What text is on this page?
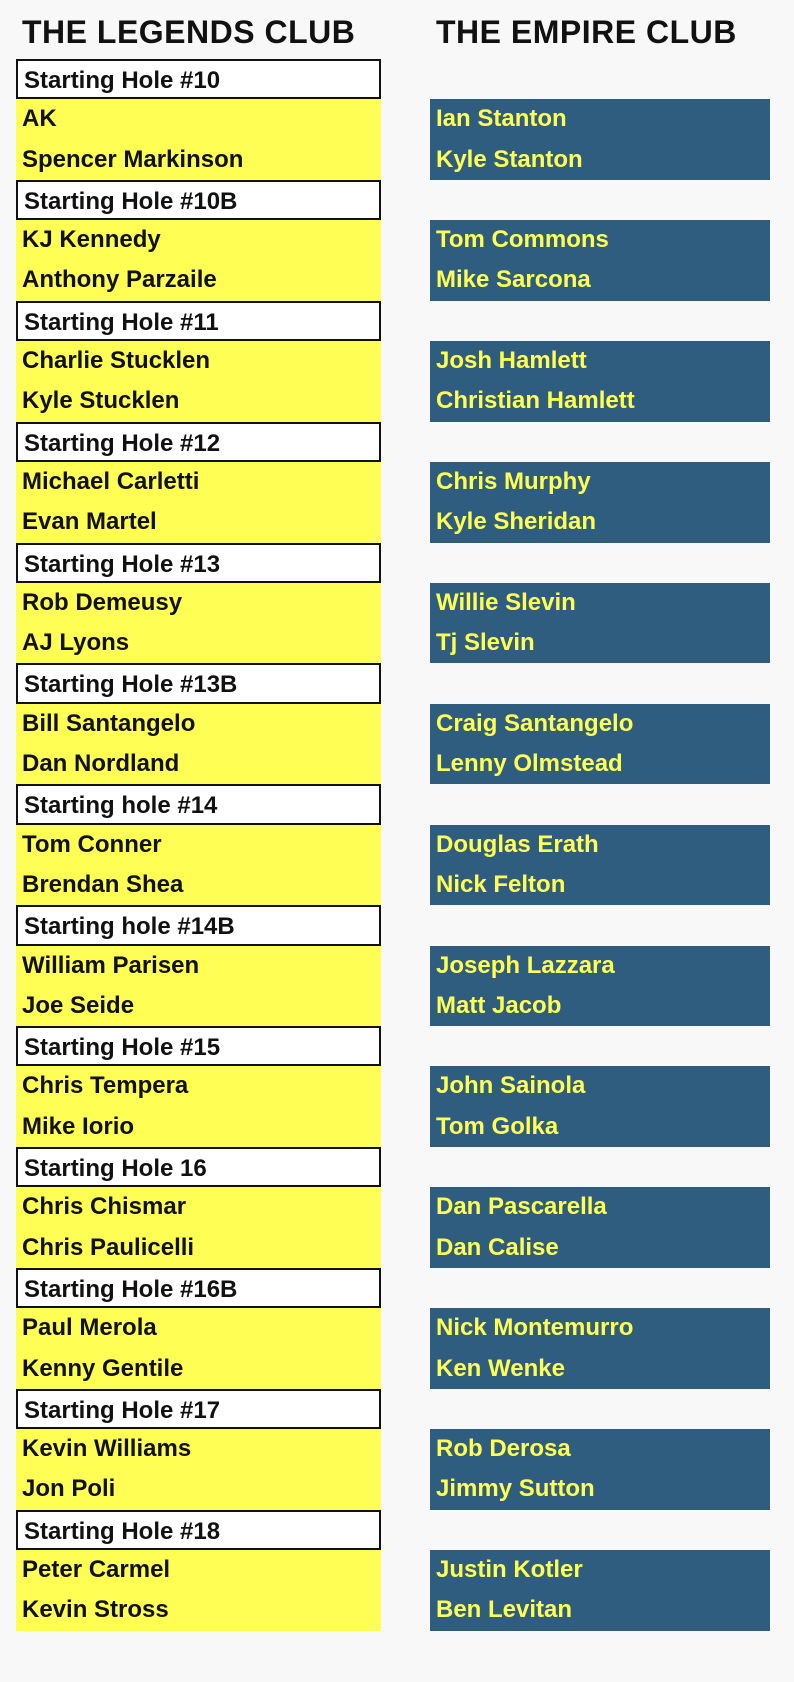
THE LEGENDS CLUB	THE EMPIRE CLUB
Starting Hole #10
AK
Spencer Markinson
Starting Hole #10B
KJ Kennedy
Anthony Parzaile
Starting Hole #11
Charlie Stucklen
Kyle Stucklen
Starting Hole #12
Michael Carletti
Evan Martel
Starting Hole #13
Rob Demeusy
AJ Lyons
Starting Hole #13B
Bill Santangelo
Dan Nordland
Starting hole #14
Tom Conner
Brendan Shea
Starting hole #14B
William Parisen
Joe Seide
Starting Hole #15
Chris Tempera
Mike Iorio
Starting Hole 16
Chris Chismar
Chris Paulicelli
Starting Hole #16B
Paul Merola
Kenny Gentile
Starting Hole #17
Kevin Williams
Jon Poli
Starting Hole #18
Peter Carmel
Kevin Stross
Ian Stanton
Kyle Stanton
Tom Commons
Mike Sarcona
Josh Hamlett
Christian Hamlett
Chris Murphy
Kyle Sheridan
Willie Slevin
Tj Slevin
Craig Santangelo
Lenny Olmstead
Douglas Erath
Nick Felton
Joseph Lazzara
Matt Jacob
John Sainola
Tom Golka
Dan Pascarella
Dan Calise
Nick Montemurro
Ken Wenke
Rob Derosa
Jimmy Sutton
Justin Kotler
Ben Levitan
